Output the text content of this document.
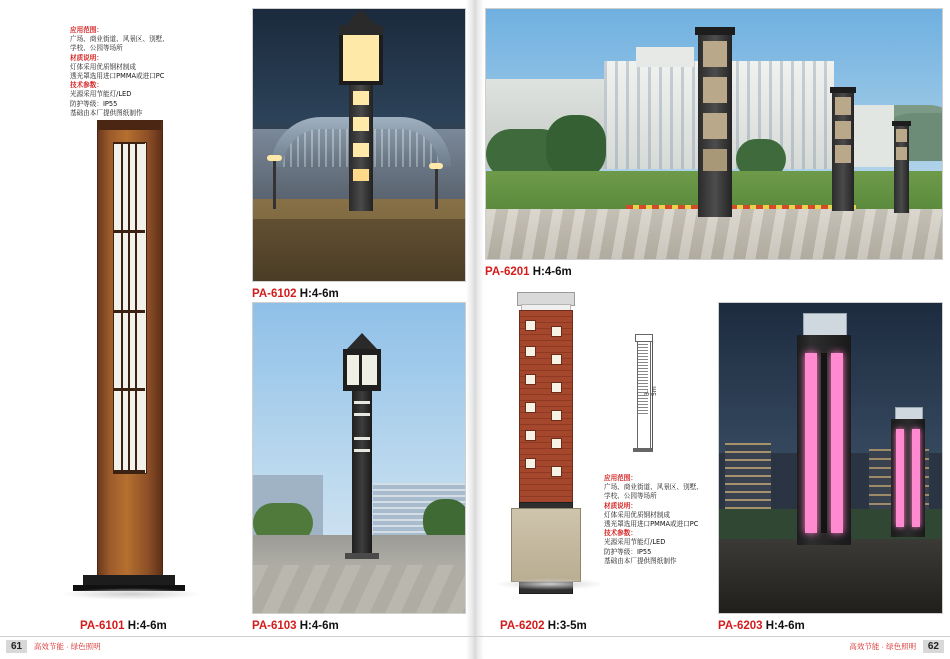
应用范围：
广场、商业街道、风景区、别墅、
学校、公园等场所
材质说明：
灯体采用优质钢材制成
透光罩选用进口PMMA或进口PC
技术参数：
光源采用节能灯/LED
防护等级：IP55
基础由本厂提供图纸制作
PA-6101 H:4-6m
PA-6102 H:4-6m
PA-6103 H:4-6m
PA-6201 H:4-6m
3-5m
PA-6202 H:3-5m
应用范围：
广场、商业街道、风景区、别墅、
学校、公园等场所
材质说明：
灯体采用优质钢材制成
透光罩选用进口PMMA或进口PC
技术参数：
光源采用节能灯/LED
防护等级：IP55
基础由本厂提供图纸制作
PA-6203 H:4-6m
61 高效节能 · 绿色照明	高效节能 · 绿色照明 62
